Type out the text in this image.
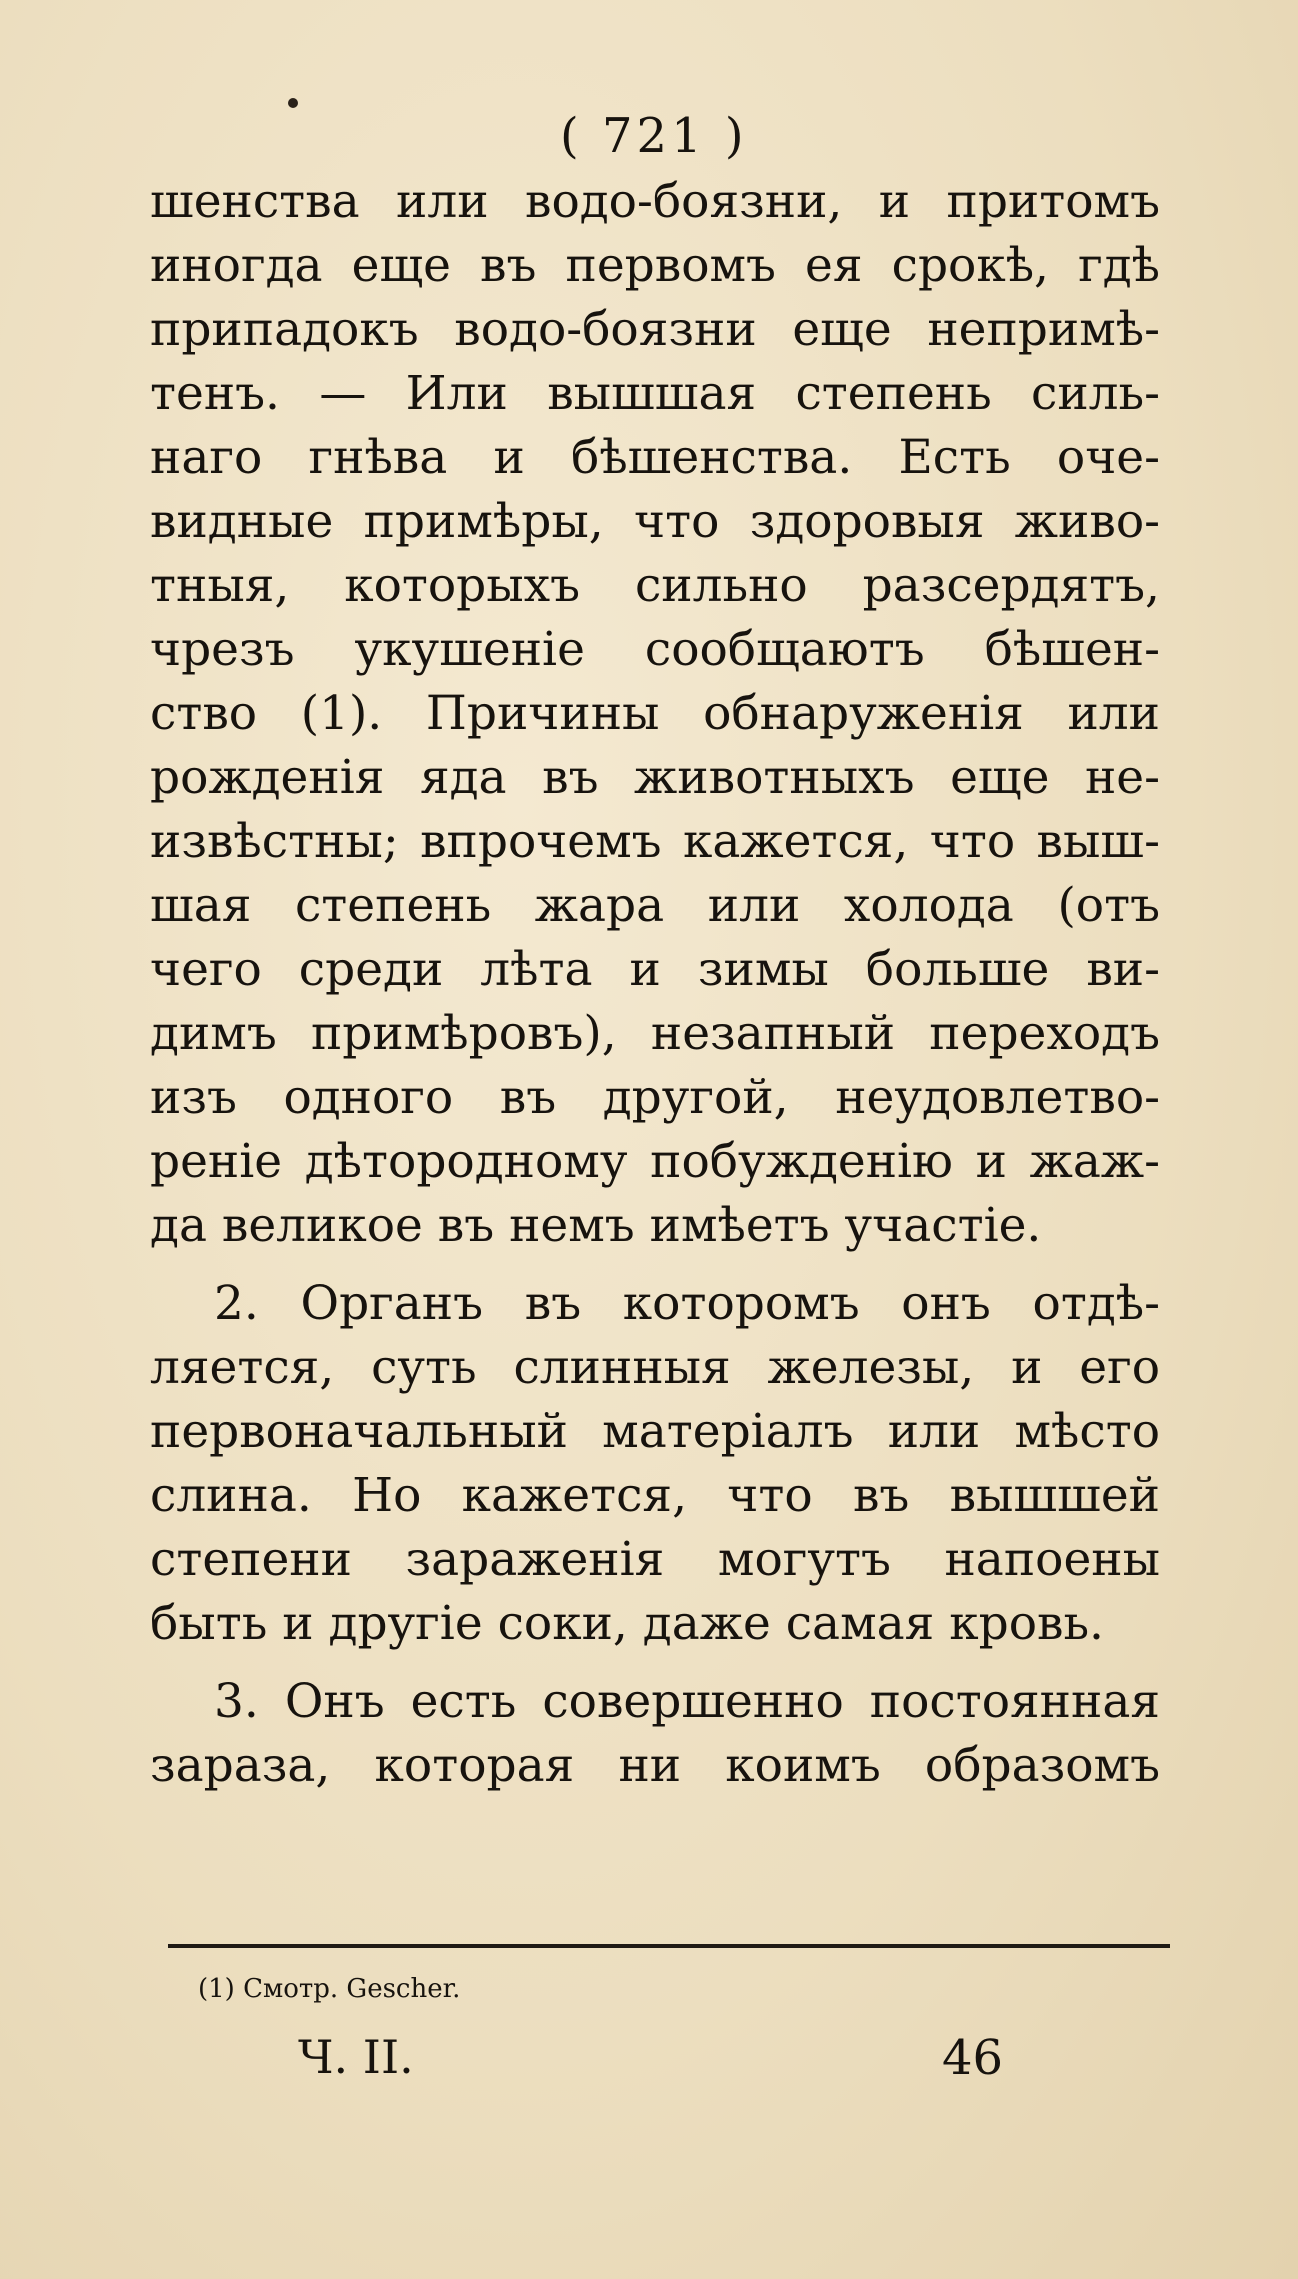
( 721 )
шенства или водо-боязни, и притомъ
иногда еще въ первомъ ея срокѣ, гдѣ
припадокъ водо-боязни еще непримѣ-
тенъ. — Или вышшая степень силь-
наго гнѣва и бѣшенства. Есть оче-
видные примѣры, что здоровыя живо-
тныя, которыхъ сильно разсердятъ,
чрезъ укушеніе сообщаютъ бѣшен-
ство (1). Причины обнаруженія или
рожденія яда въ животныхъ еще не-
извѣстны; впрочемъ кажется, что выш-
шая степень жара или холода (отъ
чего среди лѣта и зимы больше ви-
димъ примѣровъ), незапный переходъ
изъ одного въ другой, неудовлетво-
реніе дѣтородному побужденію и жаж-
да великое въ немъ имѣетъ участіе.
2. Органъ въ которомъ онъ отдѣ-
ляется, суть слинныя железы, и его
первоначальный матеріалъ или мѣсто
слина. Но кажется, что въ вышшей
степени зараженія могутъ напоены
быть и другіе соки, даже самая кровь.
3. Онъ есть совершенно постоянная
зараза, которая ни коимъ образомъ
(1) Смотр. Gescher.
Ч. II.	46
